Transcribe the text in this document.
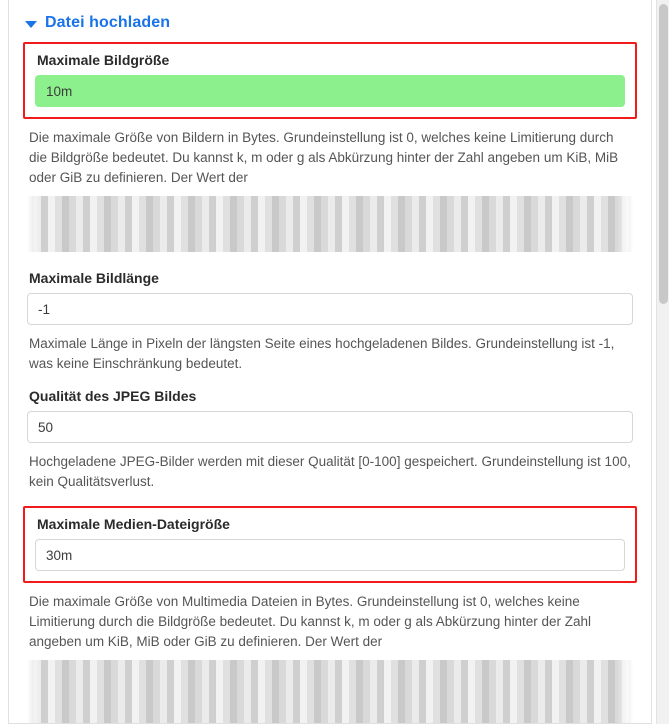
Datei hochladen
Maximale Bildgröße
10m
Die maximale Größe von Bildern in Bytes. Grundeinstellung ist 0, welches keine Limitierung durch die Bildgröße bedeutet. Du kannst k, m oder g als Abkürzung hinter der Zahl angeben um KiB, MiB oder GiB zu definieren. Der Wert der
Maximale Bildlänge
-1
Maximale Länge in Pixeln der längsten Seite eines hochgeladenen Bildes. Grundeinstellung ist -1, was keine Einschränkung bedeutet.
Qualität des JPEG Bildes
50
Hochgeladene JPEG-Bilder werden mit dieser Qualität [0-100] gespeichert. Grundeinstellung ist 100, kein Qualitätsverlust.
Maximale Medien-Dateigröße
30m
Die maximale Größe von Multimedia Dateien in Bytes. Grundeinstellung ist 0, welches keine Limitierung durch die Bildgröße bedeutet. Du kannst k, m oder g als Abkürzung hinter der Zahl angeben um KiB, MiB oder GiB zu definieren. Der Wert der
